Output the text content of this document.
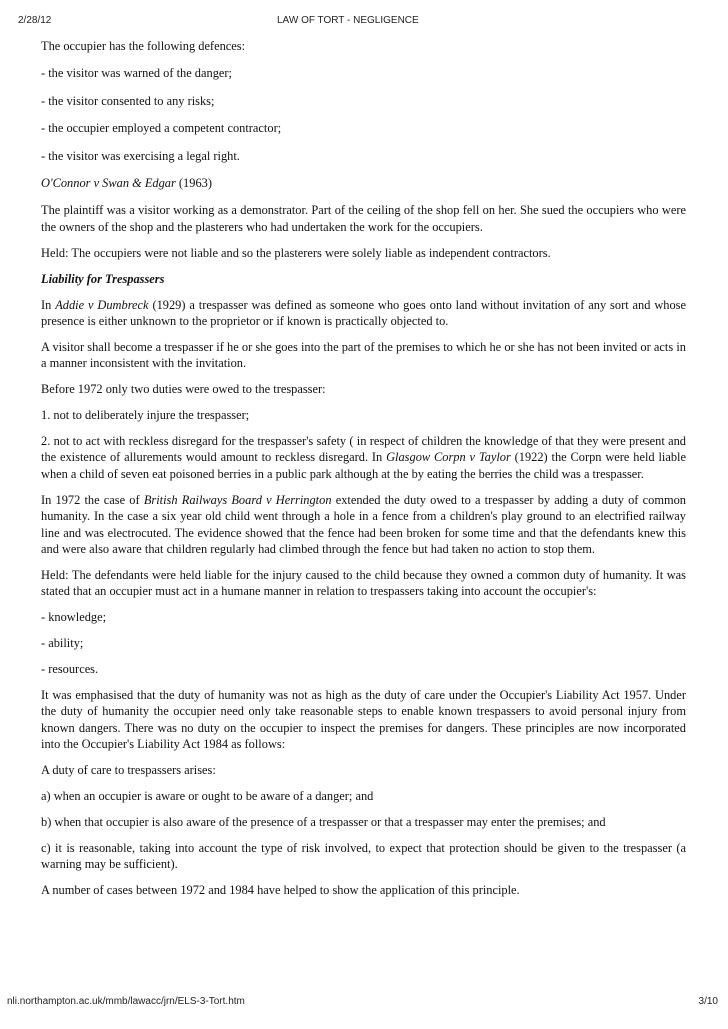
2/28/12	LAW OF TORT - NEGLIGENCE

The occupier has the following defences:

- the visitor was warned of the danger;

- the visitor consented to any risks;

- the occupier employed a competent contractor;

- the visitor was exercising a legal right.

O'Connor v Swan & Edgar (1963)

The plaintiff was a visitor working as a demonstrator. Part of the ceiling of the shop fell on her. She sued the occupiers who were the owners of the shop and the plasterers who had undertaken the work for the occupiers.

Held: The occupiers were not liable and so the plasterers were solely liable as independent contractors.

Liability for Trespassers

In Addie v Dumbreck (1929) a trespasser was defined as someone who goes onto land without invitation of any sort and whose presence is either unknown to the proprietor or if known is practically objected to.

A visitor shall become a trespasser if he or she goes into the part of the premises to which he or she has not been invited or acts in a manner inconsistent with the invitation.

Before 1972 only two duties were owed to the trespasser:

1. not to deliberately injure the trespasser;

2. not to act with reckless disregard for the trespasser's safety ( in respect of children the knowledge of that they were present and the existence of allurements would amount to reckless disregard. In Glasgow Corpn v Taylor (1922) the Corpn were held liable when a child of seven eat poisoned berries in a public park although at the by eating the berries the child was a trespasser.

In 1972 the case of British Railways Board v Herrington extended the duty owed to a trespasser by adding a duty of common humanity. In the case a six year old child went through a hole in a fence from a children's play ground to an electrified railway line and was electrocuted. The evidence showed that the fence had been broken for some time and that the defendants knew this and were also aware that children regularly had climbed through the fence but had taken no action to stop them.

Held: The defendants were held liable for the injury caused to the child because they owned a common duty of humanity. It was stated that an occupier must act in a humane manner in relation to trespassers taking into account the occupier's:

- knowledge;

- ability;

- resources.

It was emphasised that the duty of humanity was not as high as the duty of care under the Occupier's Liability Act 1957. Under the duty of humanity the occupier need only take reasonable steps to enable known trespassers to avoid personal injury from known dangers. There was no duty on the occupier to inspect the premises for dangers. These principles are now incorporated into the Occupier's Liability Act 1984 as follows:

A duty of care to trespassers arises:

a) when an occupier is aware or ought to be aware of a danger; and

b) when that occupier is also aware of the presence of a trespasser or that a trespasser may enter the premises; and

c) it is reasonable, taking into account the type of risk involved, to expect that protection should be given to the trespasser (a warning may be sufficient).

A number of cases between 1972 and 1984 have helped to show the application of this principle.

nli.northampton.ac.uk/mmb/lawacc/jrn/ELS-3-Tort.htm	3/10
